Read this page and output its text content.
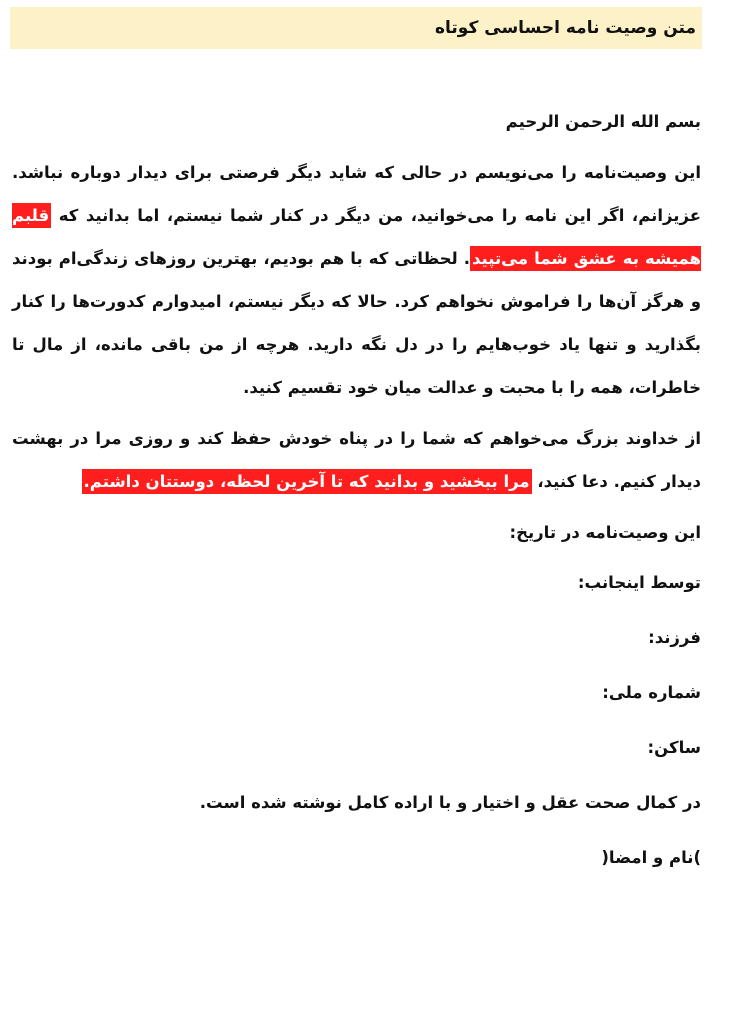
متن وصیت نامه احساسی کوتاه

بسم الله الرحمن الرحیم

این وصیت‌نامه را می‌نویسم در حالی که شاید دیگر فرصتی برای دیدار دوباره نباشد. عزیزانم، اگر این نامه را می‌خوانید، من دیگر در کنار شما نیستم، اما بدانید که قلبم همیشه به عشق شما می‌تپید. لحظاتی که با هم بودیم، بهترین روزهای زندگی‌ام بودند و هرگز آن‌ها را فراموش نخواهم کرد. حالا که دیگر نیستم، امیدوارم کدورت‌ها را کنار بگذارید و تنها یاد خوب‌هایم را در دل نگه دارید. هرچه از من باقی مانده، از مال تا خاطرات، همه را با محبت و عدالت میان خود تقسیم کنید.

از خداوند بزرگ می‌خواهم که شما را در پناه خودش حفظ کند و روزی مرا در بهشت دیدار کنیم. دعا کنید، مرا ببخشید و بدانید که تا آخرین لحظه، دوستتان داشتم.

این وصیت‌نامه در تاریخ:

توسط اینجانب:

فرزند:

شماره ملی:

ساکن:

در کمال صحت عقل و اختیار و با اراده کامل نوشته شده است.

)نام و امضا(
